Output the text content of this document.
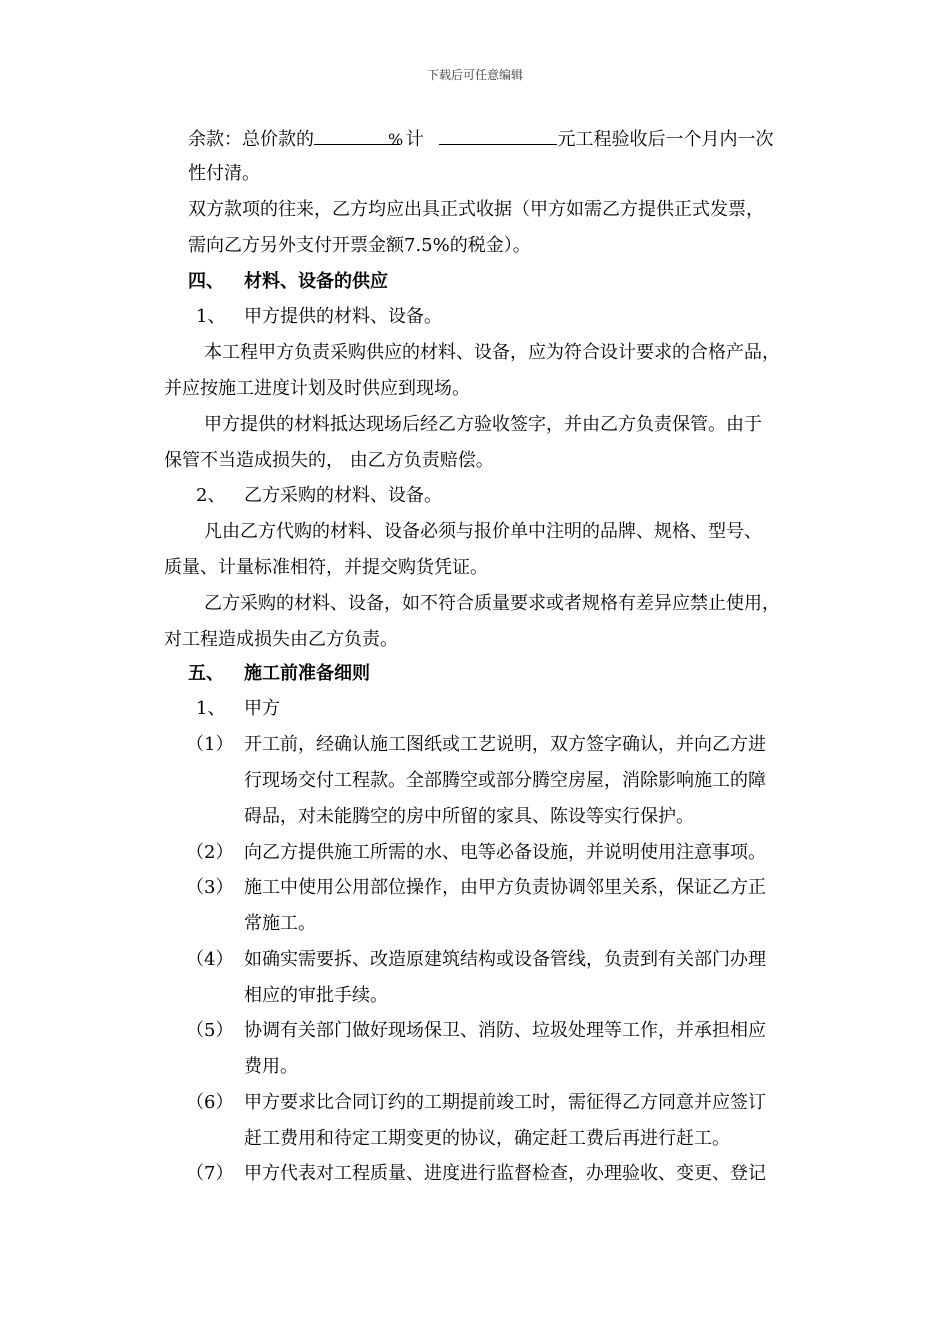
下载后可任意编辑
余款：总价款的	% 计	元工程验收后一个月内一次
性付清。
双方款项的往来，乙方均应出具正式收据（甲方如需乙方提供正式发票，
需向乙方另外支付开票金额7.5%的税金）。
四、 材料、设备的供应
1、 甲方提供的材料、设备。
本工程甲方负责采购供应的材料、设备，应为符合设计要求的合格产品，
并应按施工进度计划及时供应到现场。
甲方提供的材料抵达现场后经乙方验收签字，并由乙方负责保管。由于
保管不当造成损失的， 由乙方负责赔偿。
2、 乙方采购的材料、设备。
凡由乙方代购的材料、设备必须与报价单中注明的品牌、规格、型号、
质量、计量标准相符，并提交购货凭证。
乙方采购的材料、设备，如不符合质量要求或者规格有差异应禁止使用，
对工程造成损失由乙方负责。
五、 施工前准备细则
1、 甲方
（1） 开工前，经确认施工图纸或工艺说明，双方签字确认，并向乙方进
行现场交付工程款。全部腾空或部分腾空房屋，消除影响施工的障
碍品，对未能腾空的房中所留的家具、陈设等实行保护。
（2） 向乙方提供施工所需的水、电等必备设施，并说明使用注意事项。
（3） 施工中使用公用部位操作，由甲方负责协调邻里关系，保证乙方正
常施工。
（4） 如确实需要拆、改造原建筑结构或设备管线，负责到有关部门办理
相应的审批手续。
（5） 协调有关部门做好现场保卫、消防、垃圾处理等工作，并承担相应
费用。
（6） 甲方要求比合同订约的工期提前竣工时，需征得乙方同意并应签订
赶工费用和待定工期变更的协议，确定赶工费后再进行赶工。
（7） 甲方代表对工程质量、进度进行监督检查，办理验收、变更、登记
